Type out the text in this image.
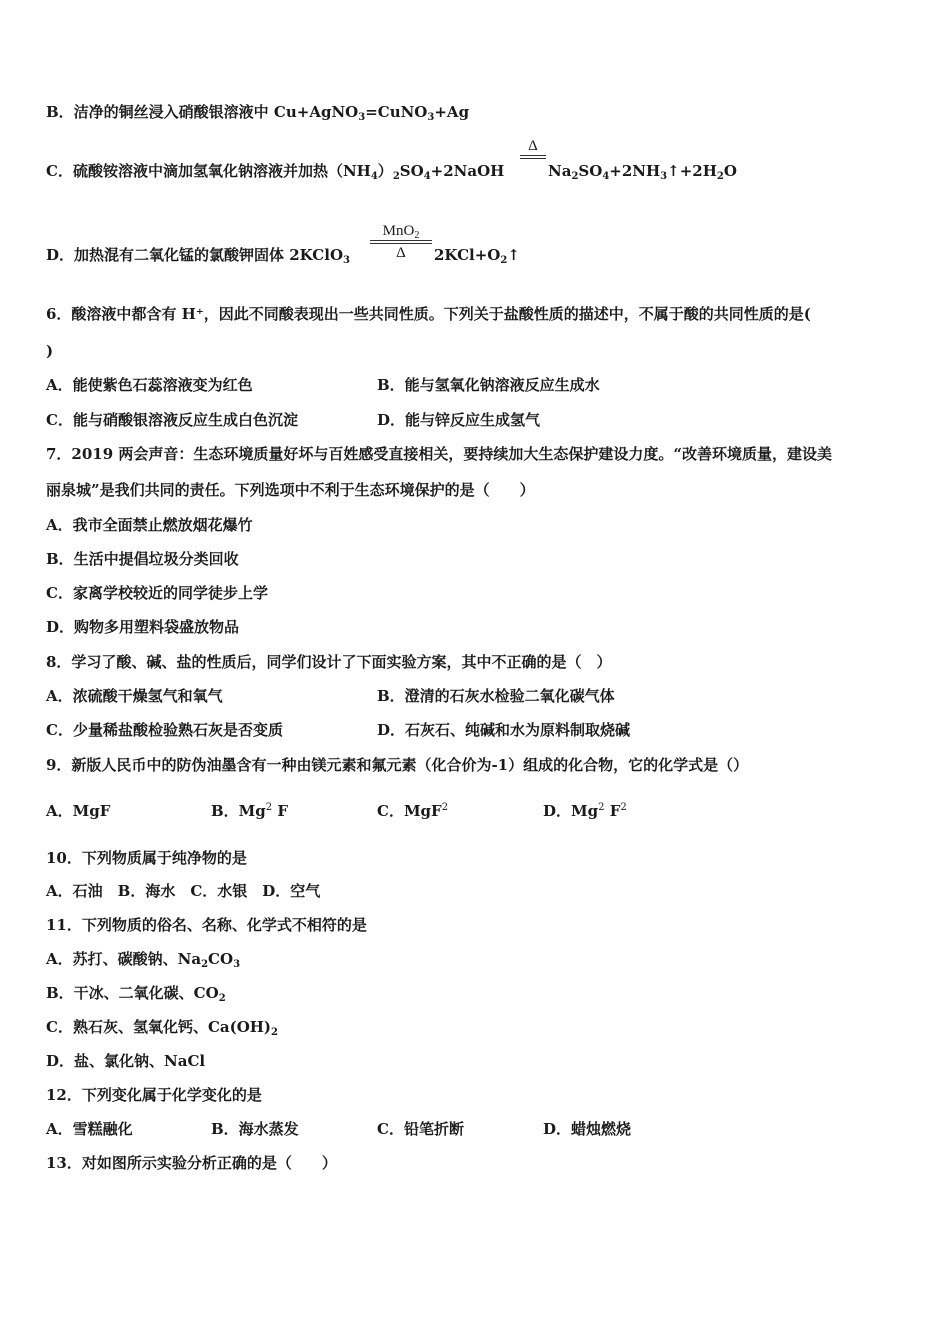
B．洁净的铜丝浸入硝酸银溶液中 Cu+AgNO$_3$=CuNO$_3$+Ag
C．硫酸铵溶液中滴加氢氧化钠溶液并加热$(NH_4)_2SO_4+2NaOH$
Δ
$Na_2SO_4+2NH_3↑+2H_2O$
D．加热混有二氧化锰的氯酸钾固体 2KClO$_3$
MnO$_2$
Δ	$2KCl+O_2↑$
6．酸溶液中都含有 H⁺，因此不同酸表现出一些共同性质。下列关于盐酸性质的描述中，不属于酸的共同性质的是(
)
A．能使紫色石蕊溶液变为红色	B．能与氢氧化钠溶液反应生成水
C．能与硝酸银溶液反应生成白色沉淀	D．能与锌反应生成氢气
7．2019 两会声音：生态环境质量好坏与百姓感受直接相关，要持续加大生态保护建设力度。“改善环境质量，建设美
丽泉城”是我们共同的责任。下列选项中不利于生态环境保护的是（　　）
A．我市全面禁止燃放烟花爆竹
B．生活中提倡垃圾分类回收
C．家离学校较近的同学徒步上学
D．购物多用塑料袋盛放物品
8．学习了酸、碱、盐的性质后，同学们设计了下面实验方案，其中不正确的是（　）
A．浓硫酸干燥氢气和氧气	B．澄清的石灰水检验二氧化碳气体
C．少量稀盐酸检验熟石灰是否变质	D．石灰石、纯碱和水为原料制取烧碱
9．新版人民币中的防伪油墨含有一种由镁元素和氟元素（化合价为-1）组成的化合物，它的化学式是（）
A．MgF	B．Mg$^2$ F	C．MgF$^2$	D．Mg$^2$ $F^2$
10．下列物质属于纯净物的是
A．石油　B．海水　C．水银　D．空气
11．下列物质的俗名、名称、化学式不相符的是
A．苏打、碳酸钠、$Na_2CO_3$
B．干冰、二氧化碳、$CO_2$
C．熟石灰、氢氧化钙、$Ca(OH)_2$
D．盐、氯化钠、NaCl
12．下列变化属于化学变化的是
A．雪糕融化	B．海水蒸发	C．铅笔折断	D．蜡烛燃烧
13．对如图所示实验分析正确的是（　　）
